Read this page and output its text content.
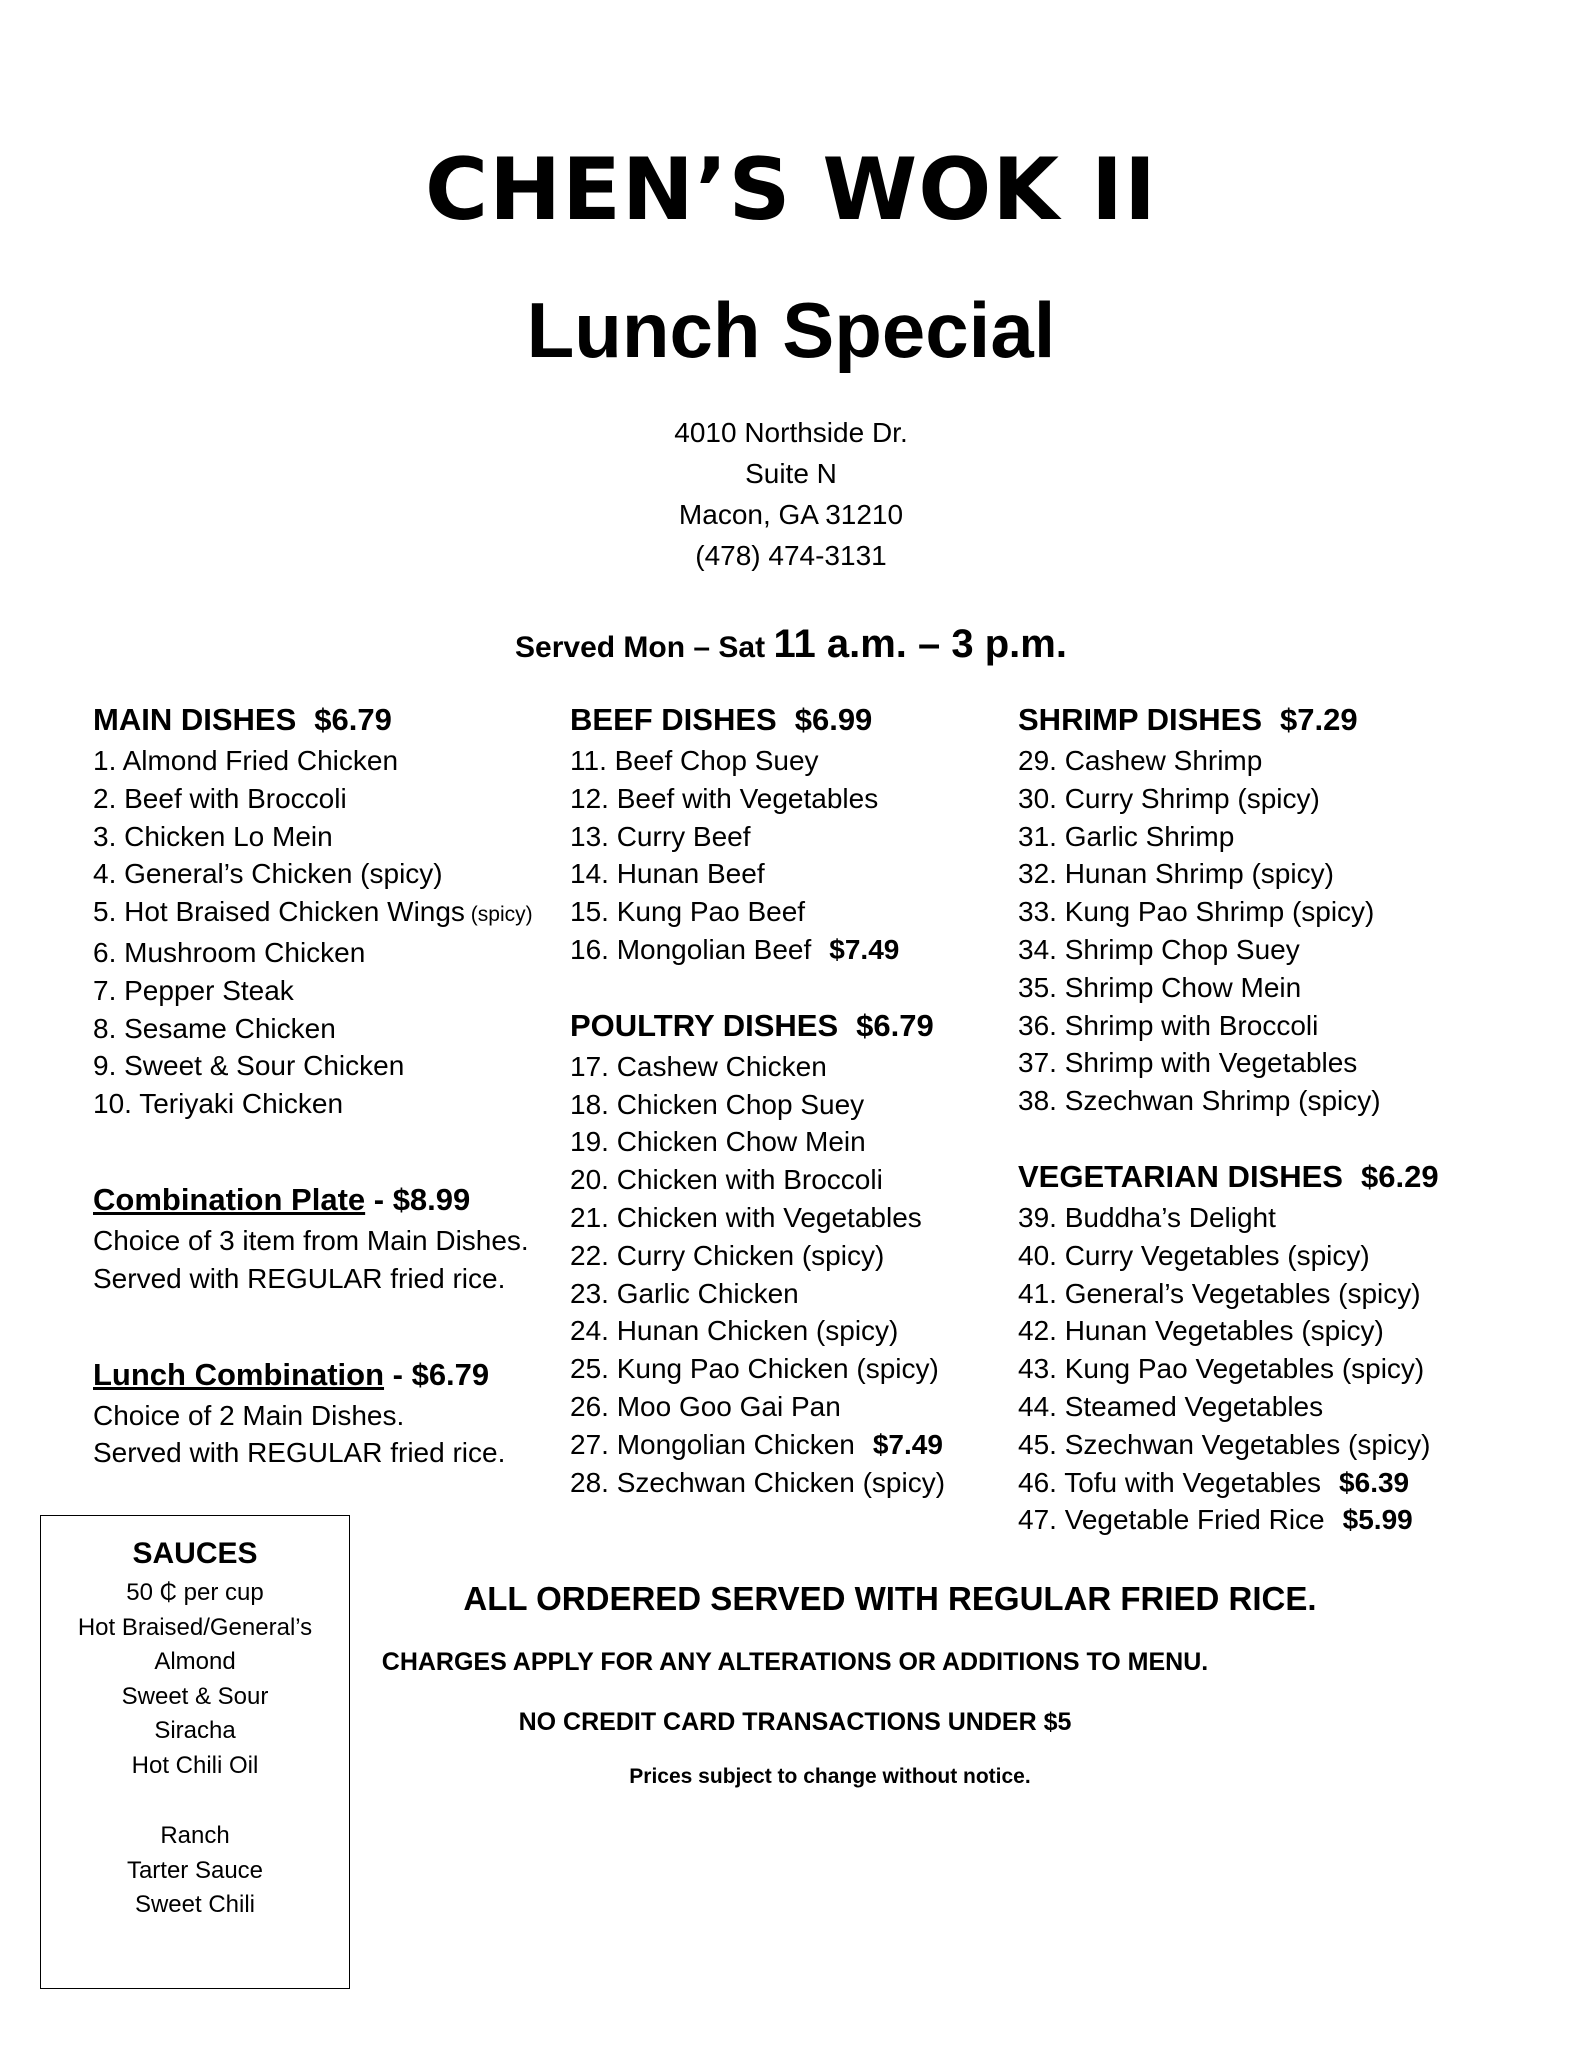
CHEN’S WOK II
Lunch Special
4010 Northside Dr.
Suite N
Macon, GA 31210
(478) 474-3131
Served Mon – Sat 11 a.m. – 3 p.m.
MAIN DISHES $6.79
1. Almond Fried Chicken
2. Beef with Broccoli
3. Chicken Lo Mein
4. General’s Chicken (spicy)
5. Hot Braised Chicken Wings (spicy)
6. Mushroom Chicken
7. Pepper Steak
8. Sesame Chicken
9. Sweet & Sour Chicken
10. Teriyaki Chicken
Combination Plate - $8.99
Choice of 3 item from Main Dishes.
Served with REGULAR fried rice.
Lunch Combination - $6.79
Choice of 2 Main Dishes.
Served with REGULAR fried rice.
BEEF DISHES $6.99
11. Beef Chop Suey
12. Beef with Vegetables
13. Curry Beef
14. Hunan Beef
15. Kung Pao Beef
16. Mongolian Beef $7.49
POULTRY DISHES $6.79
17. Cashew Chicken
18. Chicken Chop Suey
19. Chicken Chow Mein
20. Chicken with Broccoli
21. Chicken with Vegetables
22. Curry Chicken (spicy)
23. Garlic Chicken
24. Hunan Chicken (spicy)
25. Kung Pao Chicken (spicy)
26. Moo Goo Gai Pan
27. Mongolian Chicken $7.49
28. Szechwan Chicken (spicy)
SHRIMP DISHES $7.29
29. Cashew Shrimp
30. Curry Shrimp (spicy)
31. Garlic Shrimp
32. Hunan Shrimp (spicy)
33. Kung Pao Shrimp (spicy)
34. Shrimp Chop Suey
35. Shrimp Chow Mein
36. Shrimp with Broccoli
37. Shrimp with Vegetables
38. Szechwan Shrimp (spicy)
VEGETARIAN DISHES $6.29
39. Buddha’s Delight
40. Curry Vegetables (spicy)
41. General’s Vegetables (spicy)
42. Hunan Vegetables (spicy)
43. Kung Pao Vegetables (spicy)
44. Steamed Vegetables
45. Szechwan Vegetables (spicy)
46. Tofu with Vegetables $6.39
47. Vegetable Fried Rice $5.99
SAUCES
50 ₵ per cup
Hot Braised/General’s
Almond
Sweet & Sour
Siracha
Hot Chili Oil
Ranch
Tarter Sauce
Sweet Chili
ALL ORDERED SERVED WITH REGULAR FRIED RICE.
CHARGES APPLY FOR ANY ALTERATIONS OR ADDITIONS TO MENU.
NO CREDIT CARD TRANSACTIONS UNDER $5
Prices subject to change without notice.
